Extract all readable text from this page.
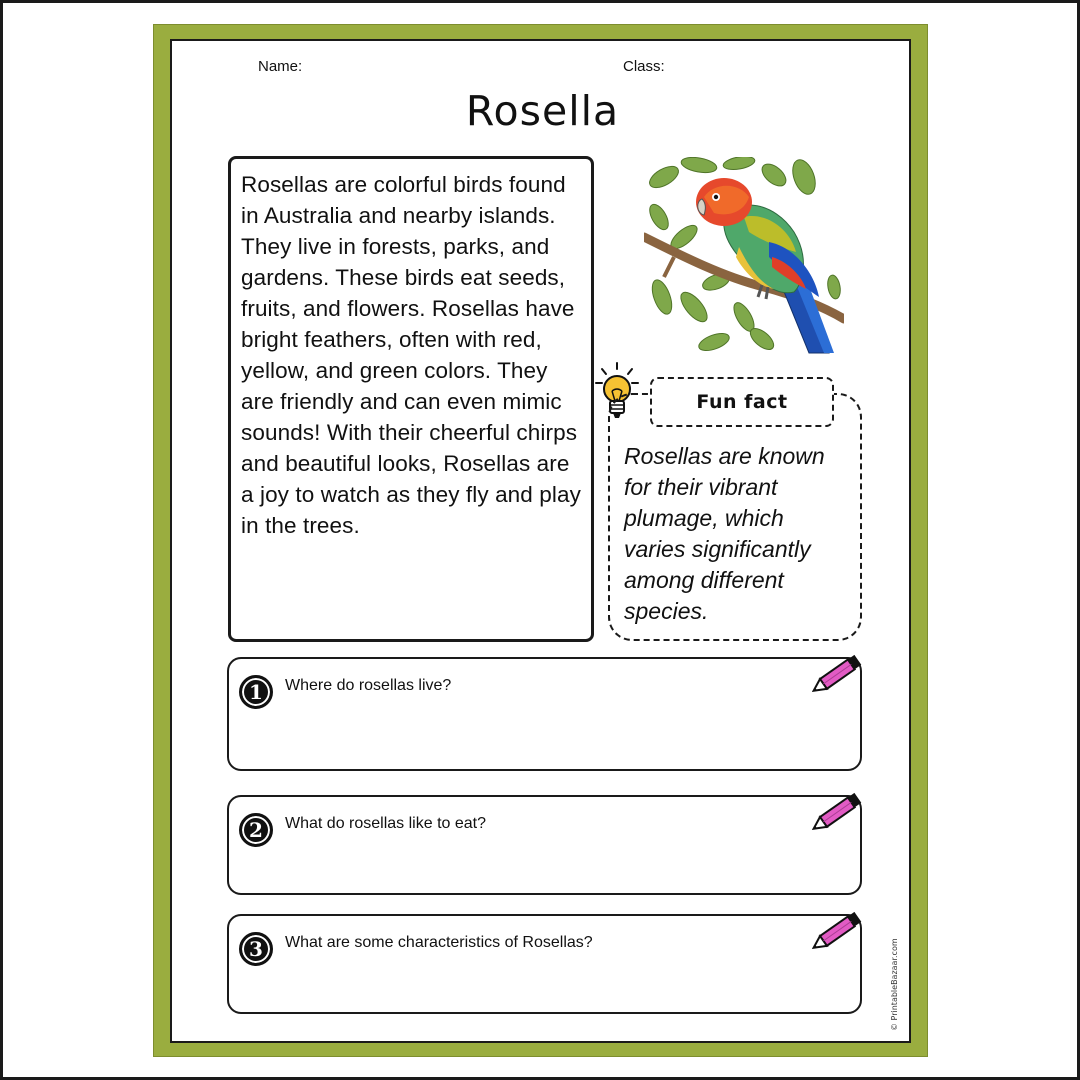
Name:	Class:
Rosella

Rosellas are colorful birds found in Australia and nearby islands. They live in forests, parks, and gardens. These birds eat seeds, fruits, and flowers. Rosellas have bright feathers, often with red, yellow, and green colors. They are friendly and can even mimic sounds! With their cheerful chirps and beautiful looks, Rosellas are a joy to watch as they fly and play in the trees.

Rosellas are known for their vibrant plumage, which varies significantly among different species.

Fun fact
1	Where do rosellas live?
2	What do rosellas like to eat?
3	What are some characteristics of Rosellas?	© PrintableBazaar.com
